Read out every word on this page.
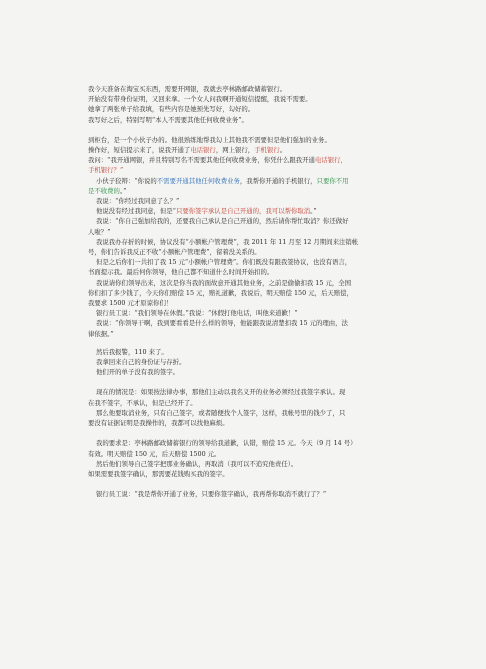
我今天准备在淘宝买东西，需要开网银，我就去亭林路邮政储蓄银行。
开始没有带身份证明，又回来拿。一个女人问我啊开通短信提醒，我说不需要。
她拿了两张单子给我填，有些内容是她预先写好，勾好的。
我写好之后，特别写明“本人不需要其他任何收费业务”。
到柜台，是一个小伙子办的。他很熟练地帮我勾上其他我不需要但是他们强加的业务。
操作好，短信提示来了，说我开通了电话银行，网上银行，手机银行。
我问：“我开通网银，并且特别写名不需要其他任何收费业务，你凭什么跟我开通电话银行，
手机银行？”
小伙子狡辩：“你说的不需要开通其他任何收费业务，我帮你开通的手机银行，只要你不用
是不收费的。”
我说：“你经过我同意了么？”
他说没有经过我同意，但是“只要你签字承认是自己开通的，我可以帮你取消。”
我说：“你自己强加给我的，还要我自己承认是自己开通的，然后请你帮忙取消？你还做好
人啦？”
我说我办存折的时候，协议没有“小额帐户管理费”，我 2011 年 11 月至 12 月期间来注销帐
号，你们告诉我反正不收“小额帐户管理费”，留着没关系的。
但是之后你们一共扣了我 15 元“小额帐户管理费”。你们既没有跟我签协议，也没有语言，
书面提示我。最后何你领导，他自己都不知道什么时间开始扣的。
我说请你们领导出来，这次是你当我的面故意开通其他业务，之前是偷偷扣我 15 元，全国
你们扣了多少钱了，今天你们赔偿 15 元，赔礼道歉，我说后，明天赔偿 150 元，后天赔偿，
我要求 1500 元才原谅你们！
银行员工说：“我们领导在休假。”我说：“休假打他电话，叫他来道歉！”
我说：“你领导干啊，我到要看看是什么样的领导，他能跟我说清楚扣我 15 元的理由，法
律依据。”
然后我报警，110 来了。
我拿回来自己的身份证与存折。
他们开的单子没有我的签字。
现在的情况是：如果按法律办事，那他们主动以我名义开的业务必须经过我签字承认。现
在我不签字，不承认，但是已经开了。
那么他要取消业务，只有自己签字，或者随便找个人签字，这样，我帐号里的钱少了，只
要没有证据证明是我操作的，我都可以找他麻烦。
我的要求是：亭林路邮政储蓄银行的领导给我道歉，认错，赔偿 15 元。今天（9 月 14 号）
有效。明天赔偿 150 元，后天赔偿 1500 元。
然后他们领导自己签字把那业务确认，再取消（我可以不追究他责任）。
如果需要我签字确认，那需要花钱购买我的签字。
银行员工说：“我是帮你开通了业务，只要你签字确认，我再帮你取消不就行了？”
